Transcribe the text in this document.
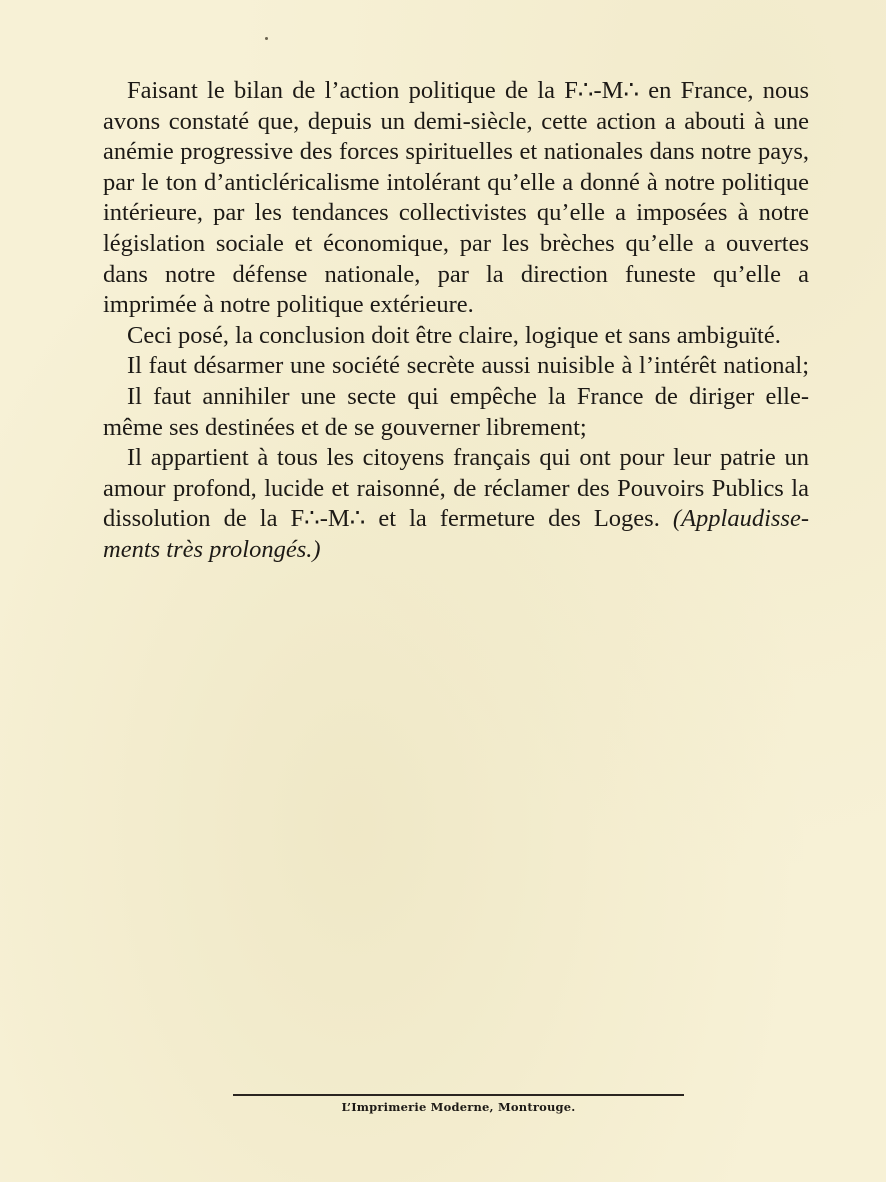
Faisant le bilan de l’action politique de la F∴-M∴ en France, nous
avons constaté que, depuis un demi-siècle, cette action a abouti à une
anémie progressive des forces spirituelles et nationales dans notre pays,
par le ton d’anticléricalisme intolérant qu’elle a donné à notre politique
intérieure, par les tendances collectivistes qu’elle a imposées à notre
législation sociale et économique, par les brèches qu’elle a ouvertes
dans notre défense nationale, par la direction funeste qu’elle a
imprimée à notre politique extérieure.
Ceci posé, la conclusion doit être claire, logique et sans ambiguïté.
Il faut désarmer une société secrète aussi nuisible à l’intérêt national;
Il faut annihiler une secte qui empêche la France de diriger elle-
même ses destinées et de se gouverner librement;
Il appartient à tous les citoyens français qui ont pour leur patrie un
amour profond, lucide et raisonné, de réclamer des Pouvoirs Publics la
dissolution de la F∴-M∴ et la fermeture des Loges. (Applaudisse-
ments très prolongés.)
L’Imprimerie Moderne, Montrouge.
